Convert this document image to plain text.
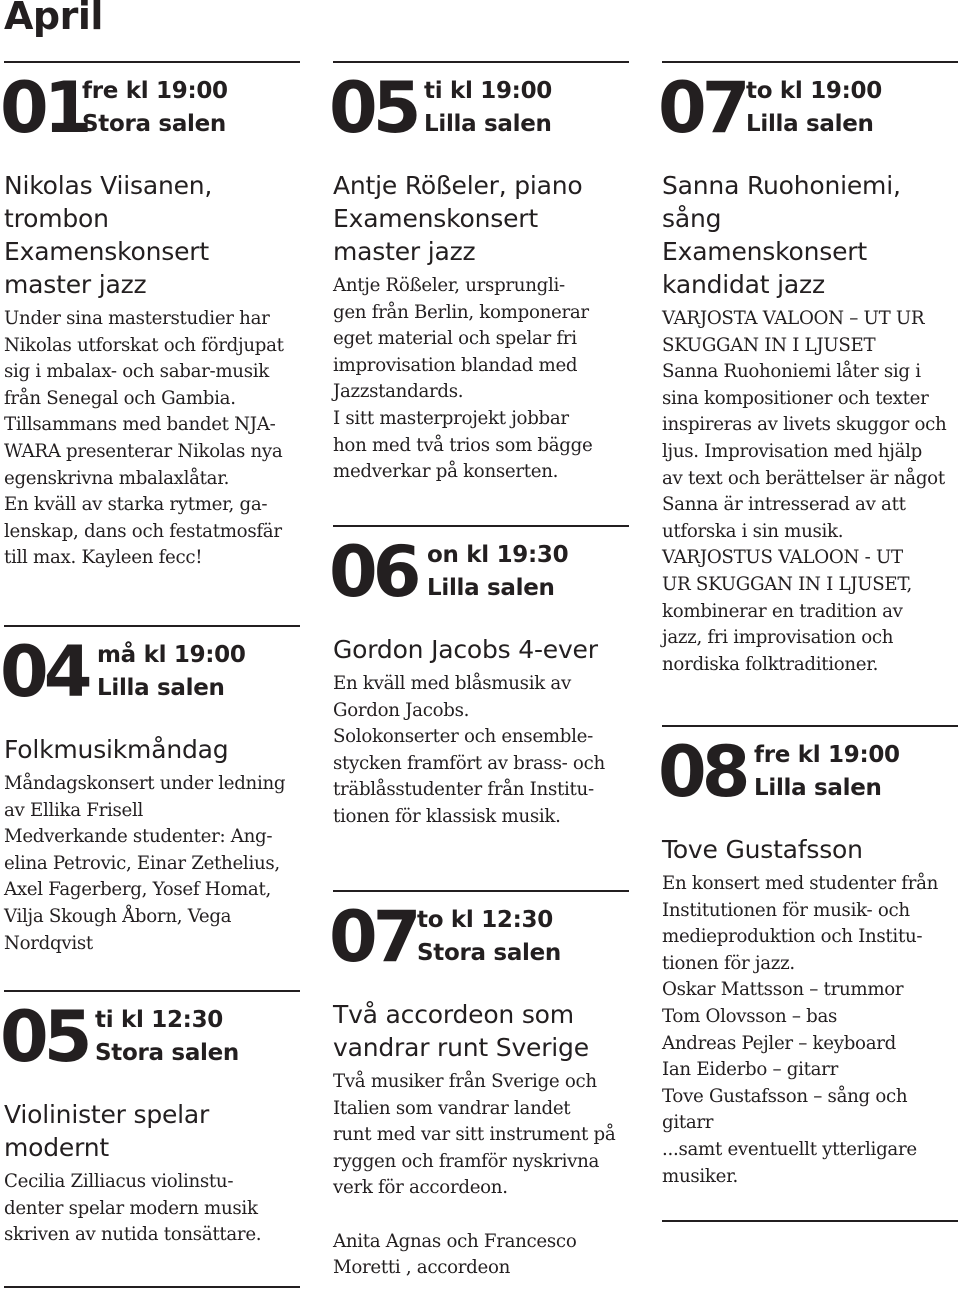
April
01
fre kl 19:00
Stora salen
Nikolas Viisanen,
trombon
Examenskonsert
master jazz
Under sina masterstudier har
Nikolas utforskat och fördjupat
sig i mbalax- och sabar-musik
från Senegal och Gambia.
Tillsammans med bandet NJA-
WARA presenterar Nikolas nya
egenskrivna mbalaxlåtar.
En kväll av starka rytmer, ga-
lenskap, dans och festatmosfär
till max. Kayleen fecc!
04 må kl 19:00
Lilla salen
Folkmusikmåndag
Måndagskonsert under ledning
av Ellika Frisell
Medverkande studenter: Ang-
elina Petrovic, Einar Zethelius,
Axel Fagerberg, Yosef Homat,
Vilja Skough Åborn, Vega
Nordqvist
05 ti kl 12:30
Stora salen
Violinister spelar
modernt
Cecilia Zilliacus violinstu-
denter spelar modern musik
skriven av nutida tonsättare.
05 ti kl 19:00
Lilla salen
Antje Rößeler, piano
Examenskonsert
master jazz
Antje Rößeler, ursprungli-
gen från Berlin, komponerar
eget material och spelar fri
improvisation blandad med
Jazzstandards.
I sitt masterprojekt jobbar
hon med två trios som bägge
medverkar på konserten.
06 on kl 19:30
Lilla salen
Gordon Jacobs 4-ever
En kväll med blåsmusik av
Gordon Jacobs.
Solokonserter och ensemble-
stycken framfört av brass- och
träblåsstudenter från Institu-
tionen för klassisk musik.
07 to kl 12:30
Stora salen
Två accordeon som
vandrar runt Sverige
Två musiker från Sverige och
Italien som vandrar landet
runt med var sitt instrument på
ryggen och framför nyskrivna
verk för accordeon.

Anita Agnas och Francesco
Moretti , accordeon
07 to kl 19:00
Lilla salen
Sanna Ruohoniemi,
sång
Examenskonsert
kandidat jazz
VARJOSTA VALOON – UT UR
SKUGGAN IN I LJUSET
Sanna Ruohoniemi låter sig i
sina kompositioner och texter
inspireras av livets skuggor och
ljus. Improvisation med hjälp
av text och berättelser är något
Sanna är intresserad av att
utforska i sin musik.
VARJOSTUS VALOON - UT
UR SKUGGAN IN I LJUSET,
kombinerar en tradition av
jazz, fri improvisation och
nordiska folktraditioner.
08 fre kl 19:00
Lilla salen
Tove Gustafsson
En konsert med studenter från
Institutionen för musik- och
medieproduktion och Institu-
tionen för jazz.
Oskar Mattsson – trummor
Tom Olovsson – bas
Andreas Pejler – keyboard
Ian Eiderbo – gitarr
Tove Gustafsson – sång och
gitarr
...samt eventuellt ytterligare
musiker.
